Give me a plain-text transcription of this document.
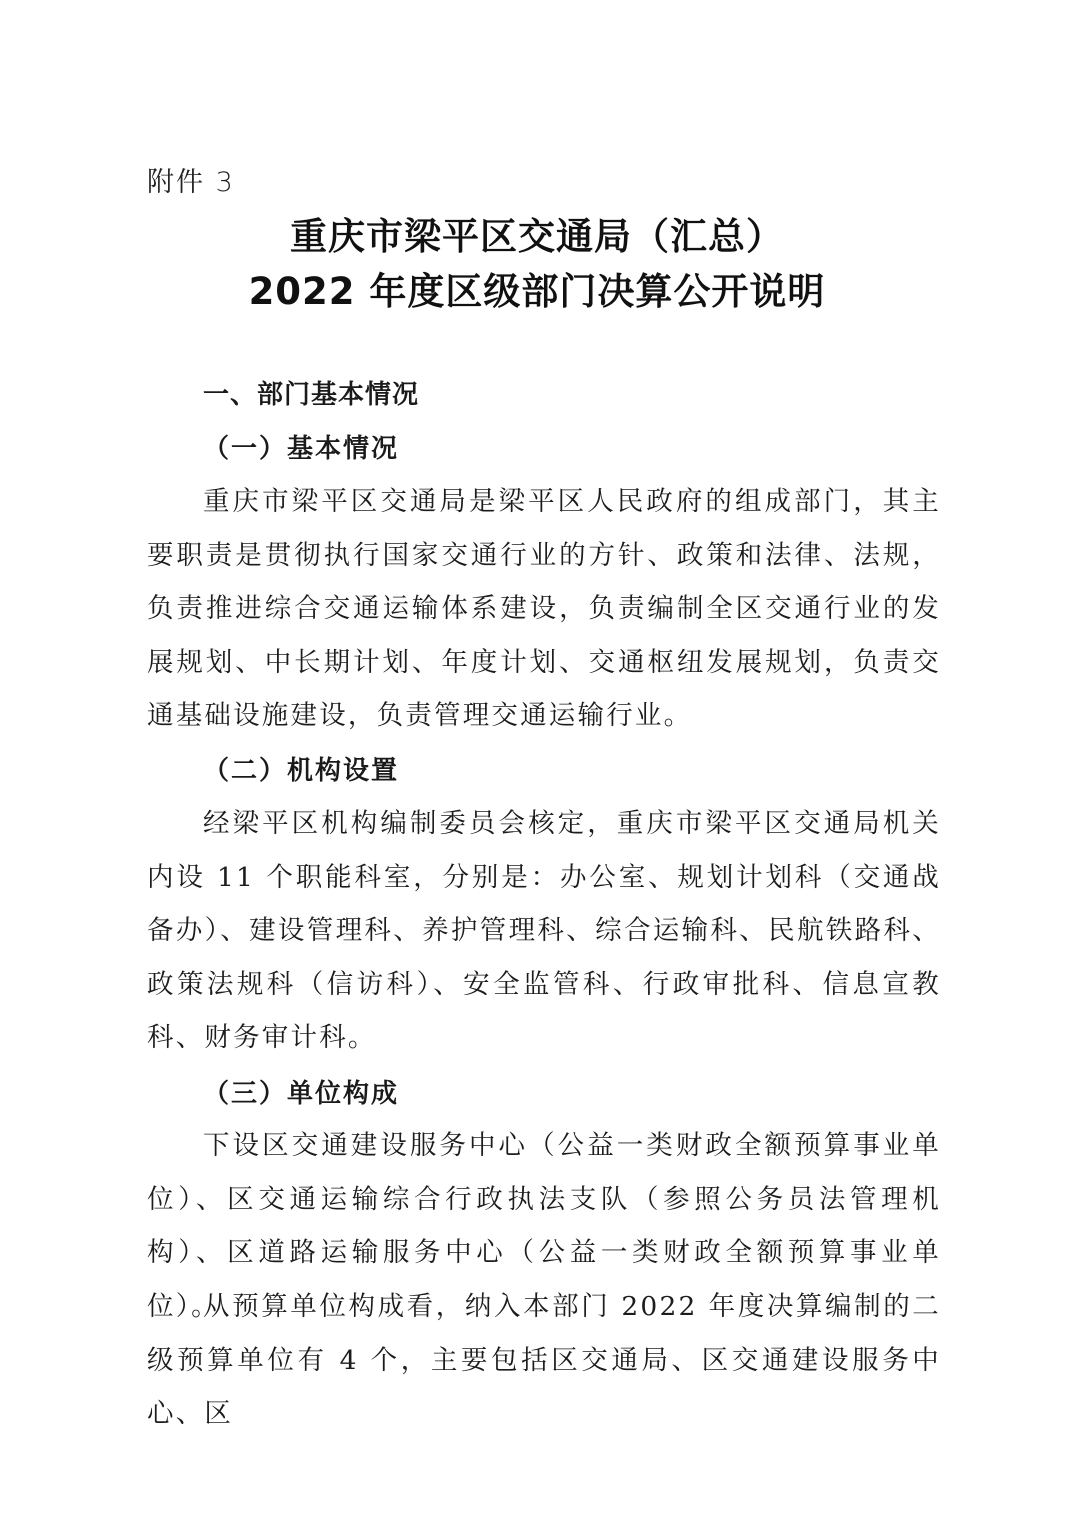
附件 3
重庆市梁平区交通局（汇总）
2022 年度区级部门决算公开说明
一、部门基本情况
（一）基本情况
重庆市梁平区交通局是梁平区人民政府的组成部门，其主要职责是贯彻执行国家交通行业的方针、政策和法律、法规，负责推进综合交通运输体系建设，负责编制全区交通行业的发展规划、中长期计划、年度计划、交通枢纽发展规划，负责交通基础设施建设，负责管理交通运输行业。
（二）机构设置
经梁平区机构编制委员会核定，重庆市梁平区交通局机关内设 11 个职能科室，分别是：办公室、规划计划科（交通战备办）、建设管理科、养护管理科、综合运输科、民航铁路科、政策法规科（信访科）、安全监管科、行政审批科、信息宣教科、财务审计科。
（三）单位构成
下设区交通建设服务中心（公益一类财政全额预算事业单位）、区交通运输综合行政执法支队（参照公务员法管理机构）、区道路运输服务中心（公益一类财政全额预算事业单位）。
从预算单位构成看，纳入本部门 2022 年度决算编制的二级预算单位有 4 个，主要包括区交通局、区交通建设服务中心、区
